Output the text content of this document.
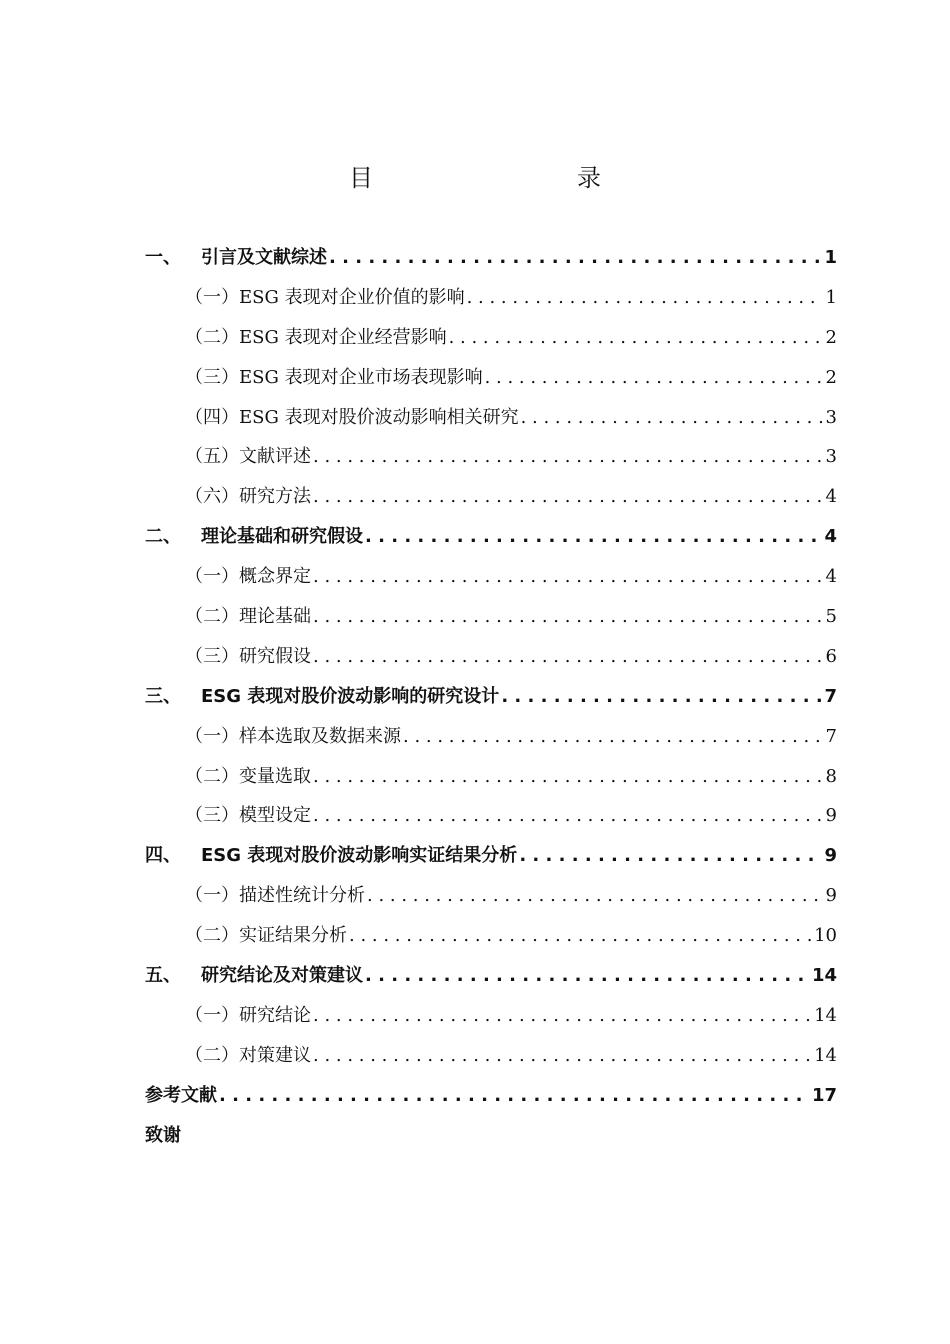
目　　录
一、	引言及文献综述 . . .	1
（一）ESG 表现对企业价值的影响 . . .	1
（二）ESG 表现对企业经营影响 . . .	2
（三）ESG 表现对企业市场表现影响 . . .	2
（四）ESG 表现对股价波动影响相关研究 . . .	3
（五）文献评述 . . .	3
（六）研究方法 . . .	4
二、	理论基础和研究假设 . . .	4
（一）概念界定 . . .	4
（二）理论基础 . . .	5
（三）研究假设 . . .	6
三、	ESG 表现对股价波动影响的研究设计 . . .	7
（一）样本选取及数据来源 . . .	7
（二）变量选取 . . .	8
（三）模型设定 . . .	9
四、	ESG 表现对股价波动影响实证结果分析 . . .	9
（一）描述性统计分析 . . .	9
（二）实证结果分析 . . .	10
五、	研究结论及对策建议 . . .	14
（一）研究结论 . . .	14
（二）对策建议 . . .	14
参考文献 . . .	17
致谢
